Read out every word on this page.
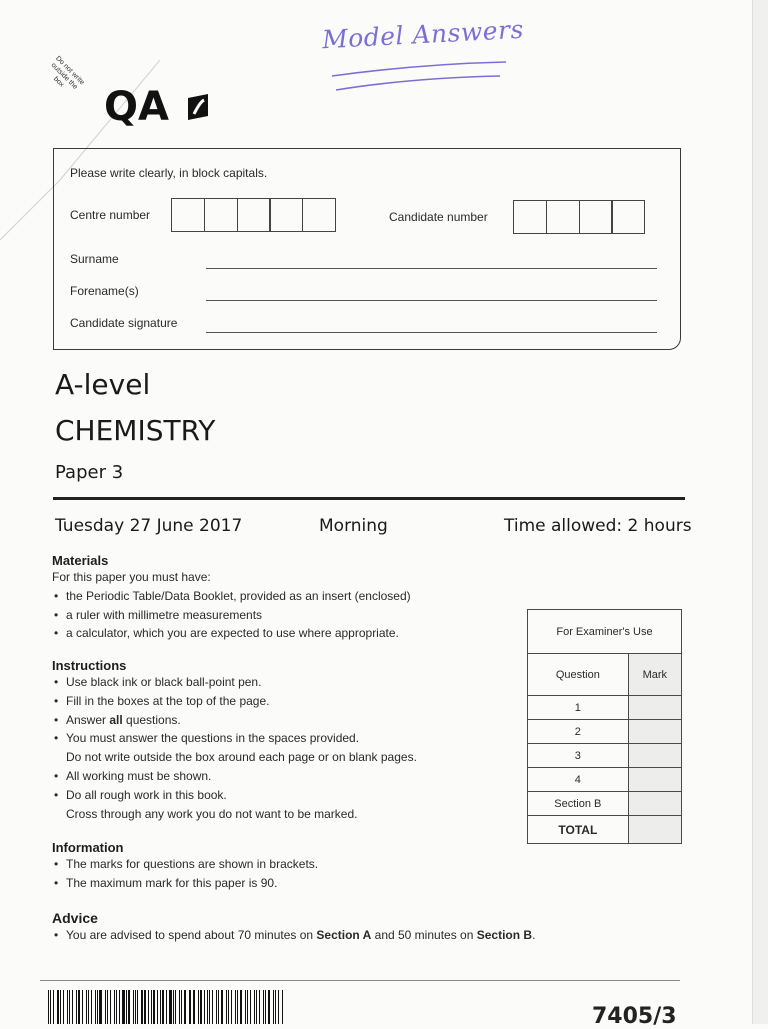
Model Answers
Do not write outside the box
QA
Please write clearly, in block capitals.
Centre number	Candidate number
Surname
Forename(s)
Candidate signature
A-level
CHEMISTRY
Paper 3
Tuesday 27 June 2017	Morning	Time allowed: 2 hours
Materials
For this paper you must have:
• the Periodic Table/Data Booklet, provided as an insert (enclosed)
• a ruler with millimetre measurements
• a calculator, which you are expected to use where appropriate.
Instructions
• Use black ink or black ball-point pen.
• Fill in the boxes at the top of the page.
• Answer all questions.
• You must answer the questions in the spaces provided.
Do not write outside the box around each page or on blank pages.
• All working must be shown.
• Do all rough work in this book.
Cross through any work you do not want to be marked.
Information
• The marks for questions are shown in brackets.
• The maximum mark for this paper is 90.
Advice
• You are advised to spend about 70 minutes on Section A and 50 minutes on Section B.
For Examiner's Use	
Question	Mark
1	
2	
3	
4	
Section B	
TOTAL	
7405/3
